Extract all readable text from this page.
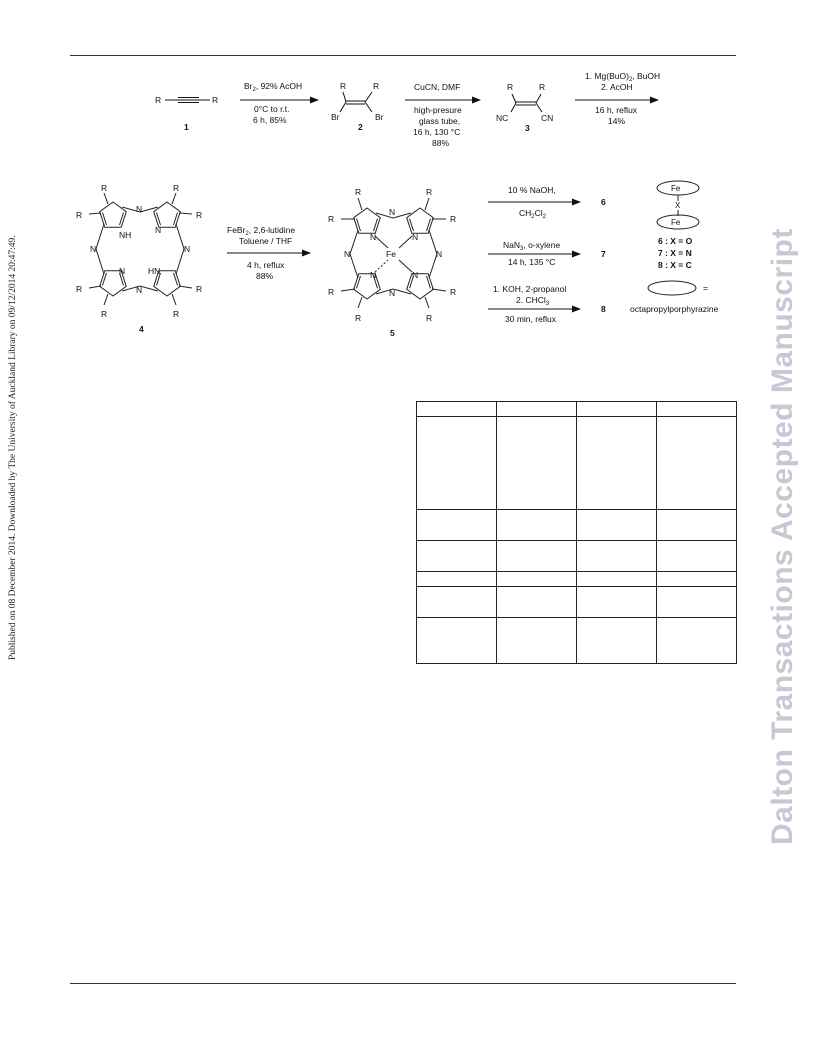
Published on 08 December 2014. Downloaded by The University of Auckland Library on 09/12/2014 20:47:49.	Dalton Transactions Accepted Manuscript
R	R
1
$Br_2$, 92% AcOH
0°C to r.t.
6 h, 85%
R	R
Br	Br
2
CuCN, DMF
high-presure
glass tube,
16 h, 130 °C
88%
R	R
NC	CN
3
1. $Mg(BuO)_2$, BuOH
2. AcOH
16 h, reflux
14%
R	R
R	R
R	R
R	R
N
N
N	N
NH	N
N	HN
4
FeBr$_2$, 2,6-lutidine
Toluene / THF
4 h, reflux
88%
R	R
R	R
R	R
R	R
N
N
N	N
N	N
N	N
Fe
5
10 % NaOH,
$CH_2Cl_2$
6
NaN$_3$, o-xylene
14 h, 135 °C
7
1. KOH, 2-propanol
2. CHCl$_3$
30 min, reflux
8
Fe
X
Fe
6 : X = O
7 : X = N
8 : X = C
=
octapropylporphyrazine
